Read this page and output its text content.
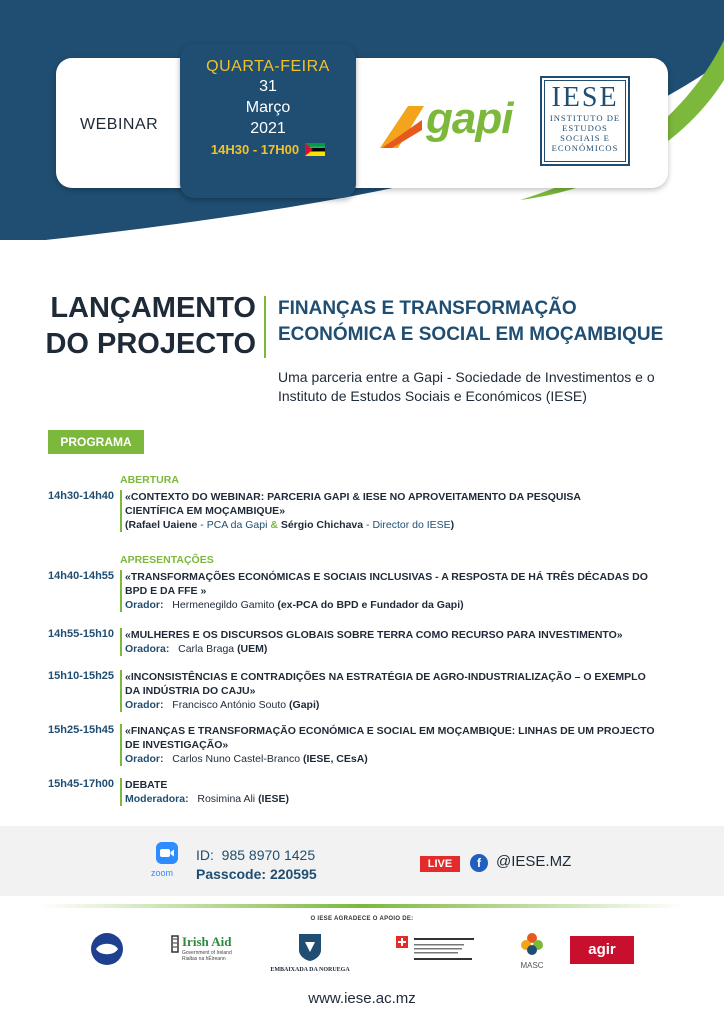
WEBINAR
QUARTA-FEIRA
31
Março
2021
14H30 - 17H00
gapi IESE
INSTITUTO DE
ESTUDOS
SOCIAIS E
ECONÓMICOS
LANÇAMENTO
DO PROJECTO
FINANÇAS E TRANSFORMAÇÃO
ECONÓMICA E SOCIAL EM MOÇAMBIQUE
Uma parceria entre a Gapi - Sociedade de Investimentos e o
Instituto de Estudos Sociais e Económicos (IESE)
PROGRAMA
ABERTURA
14h30-14h40	«CONTEXTO DO WEBINAR: PARCERIA GAPI & IESE NO APROVEITAMENTO DA PESQUISA
CIENTÍFICA EM MOÇAMBIQUE»
(Rafael Uaiene - PCA da Gapi & Sérgio Chichava - Director do IESE)
APRESENTAÇÕES
14h40-14h55	«TRANSFORMAÇÕES ECONÓMICAS E SOCIAIS INCLUSIVAS - A RESPOSTA DE HÁ TRÊS DÉCADAS DO
BPD E DA FFE »
Orador: Hermenegildo Gamito (ex-PCA do BPD e Fundador da Gapi)
14h55-15h10	«MULHERES E OS DISCURSOS GLOBAIS SOBRE TERRA COMO RECURSO PARA INVESTIMENTO»
Oradora: Carla Braga (UEM)
15h10-15h25	«INCONSISTÊNCIAS E CONTRADIÇÕES NA ESTRATÉGIA DE AGRO-INDUSTRIALIZAÇÃO – O EXEMPLO
DA INDÚSTRIA DO CAJU»
Orador: Francisco António Souto (Gapi)
15h25-15h45	«FINANÇAS E TRANSFORMAÇÃO ECONÓMICA E SOCIAL EM MOÇAMBIQUE: LINHAS DE UM PROJECTO
DE INVESTIGAÇÃO»
Orador: Carlos Nuno Castel-Branco (IESE, CEsA)
15h45-17h00	DEBATE
Moderadora: Rosimina Ali (IESE)
zoom
ID: 985 8970 1425
Passcode: 220595
LIVE	f	@IESE.MZ
O IESE AGRADECE O APOIO DE:
Irish Aid
Government of Ireland
Rialtas na hÉireann
EMBAIXADA DA NORUEGA	MASC
agir
www.iese.ac.mz
